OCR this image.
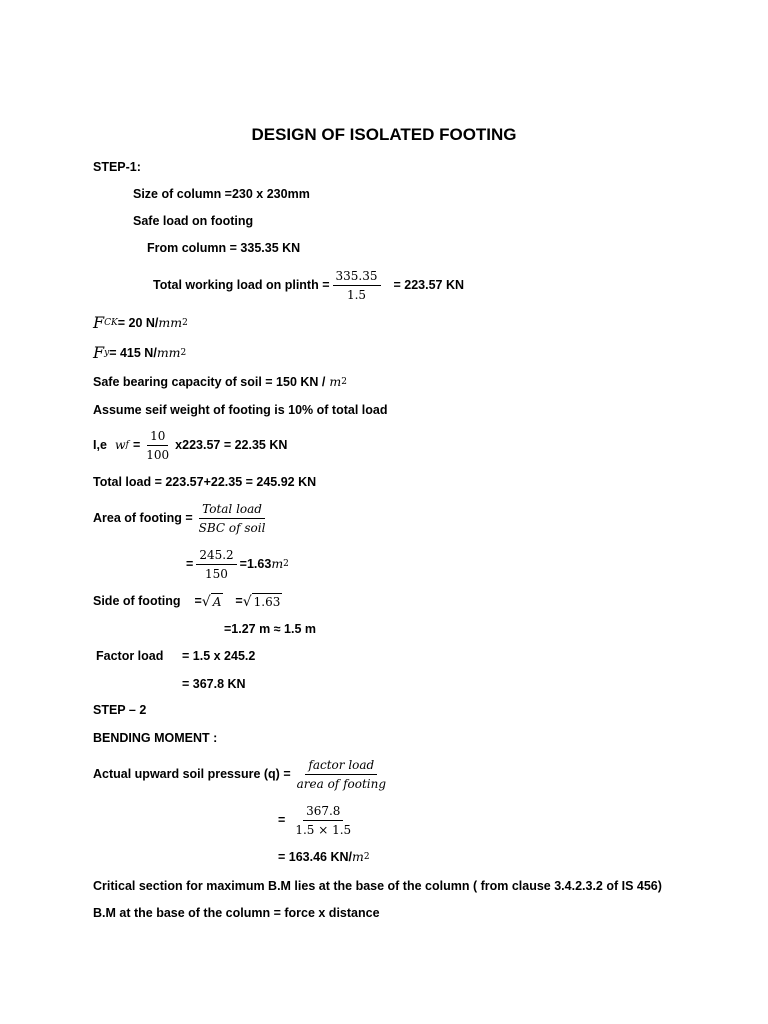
DESIGN OF ISOLATED FOOTING
STEP-1:
Size of column =230 x 230mm
Safe load on footing
From column = 335.35 KN
Total working load on plinth = $\frac{335.35}{1.5} = 223.57$ KN
F CK = 20 N/ mm 2
F y = 415 N/ mm 2
Safe bearing capacity of soil = 150 KN / m 2
Assume seif weight of footing is 10% of total load
I,e w $f = \frac{10}{100} x223.57 = 22.35$ KN
Total load = 223.57+22.35 = 245.92 KN
Area of footing = $\frac{\text{Total load}}{\text{SBC of soil}}$
= $\frac{245.2}{150} =1.63$ m 2
Side of footing = √ A = √ 1.63
=1.27 m ≈ 1.5 m
Factor load = 1.5 x 245.2
= 367.8 KN
STEP – 2
BENDING MOMENT :
Actual upward soil pressure $(q) = \frac{\text{factor load}}{\text{area of footing}}$
= $\frac{367.8}{1.5 \times 1.5}$
= 163.46 KN/ m 2
Critical section for maximum B.M lies at the base of the column ( from clause 3.4.2.3.2 of IS 456)
B.M at the base of the column = force x distance
